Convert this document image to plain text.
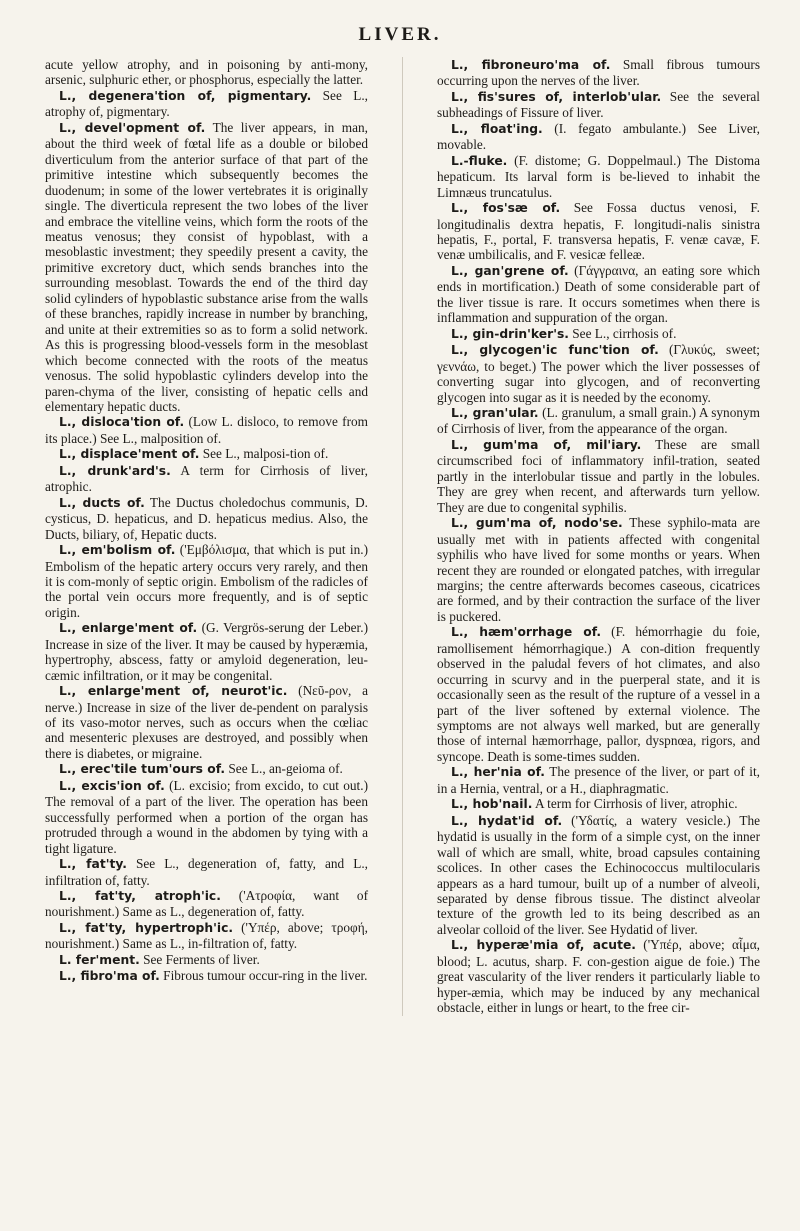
LIVER.

acute yellow atrophy, and in poisoning by anti-mony, arsenic, sulphuric ether, or phosphorus, especially the latter.

L., degenera'tion of, pigmentary. See L., atrophy of, pigmentary.

L., devel'opment of. The liver appears, in man, about the third week of fœtal life as a double or bilobed diverticulum from the anterior surface of that part of the primitive intestine which subsequently becomes the duodenum; in some of the lower vertebrates it is originally single. The diverticula represent the two lobes of the liver and embrace the vitelline veins, which form the roots of the meatus venosus; they consist of hypoblast, with a mesoblastic investment; they speedily present a cavity, the primitive excretory duct, which sends branches into the surrounding mesoblast. Towards the end of the third day solid cylinders of hypoblastic substance arise from the walls of these branches, rapidly increase in number by branching, and unite at their extremities so as to form a solid network. As this is progressing blood-vessels form in the mesoblast which become connected with the roots of the meatus venosus. The solid hypoblastic cylinders develop into the paren-chyma of the liver, consisting of hepatic cells and elementary hepatic ducts.

L., disloca'tion of. (Low L. disloco, to remove from its place.) See L., malposition of.

L., displace'ment of. See L., malposi-tion of.

L., drunk'ard's. A term for Cirrhosis of liver, atrophic.

L., ducts of. The Ductus choledochus communis, D. cysticus, D. hepaticus, and D. hepaticus medius. Also, the Ducts, biliary, of, Hepatic ducts.

L., em'bolism of. ('Εμβόλισμα, that which is put in.) Embolism of the hepatic artery occurs very rarely, and then it is com-monly of septic origin. Embolism of the radicles of the portal vein occurs more frequently, and is of septic origin.

L., enlarge'ment of. (G. Vergrös-serung der Leber.) Increase in size of the liver. It may be caused by hyperæmia, hypertrophy, abscess, fatty or amyloid degeneration, leu-cæmic infiltration, or it may be congenital.

L., enlarge'ment of, neurot'ic. (Νεῦ-ρον, a nerve.) Increase in size of the liver de-pendent on paralysis of its vaso-motor nerves, such as occurs when the cœliac and mesenteric plexuses are destroyed, and possibly when there is diabetes, or migraine.

L., erec'tile tum'ours of. See L., an-geioma of.

L., excis'ion of. (L. excisio; from excido, to cut out.) The removal of a part of the liver. The operation has been successfully performed when a portion of the organ has protruded through a wound in the abdomen by tying with a tight ligature.

L., fat'ty. See L., degeneration of, fatty, and L., infiltration of, fatty.

L., fat'ty, atroph'ic. ('Ατροφία, want of nourishment.) Same as L., degeneration of, fatty.

L., fat'ty, hypertroph'ic. ('Υπέρ, above; τροφή, nourishment.) Same as L., in-filtration of, fatty.

L. fer'ment. See Ferments of liver.

L., fibro'ma of. Fibrous tumour occur-ring in the liver.

L., fibroneuro'ma of. Small fibrous tumours occurring upon the nerves of the liver.

L., fis'sures of, interlob'ular. See the several subheadings of Fissure of liver.

L., float'ing. (I. fegato ambulante.) See Liver, movable.

L.-fluke. (F. distome; G. Doppelmaul.) The Distoma hepaticum. Its larval form is be-lieved to inhabit the Limnæus truncatulus.

L., fos'sæ of. See Fossa ductus venosi, F. longitudinalis dextra hepatis, F. longitudi-nalis sinistra hepatis, F., portal, F. transversa hepatis, F. venæ cavæ, F. venæ umbilicalis, and F. vesicæ felleæ.

L., gan'grene of. (Γάγγραινα, an eating sore which ends in mortification.) Death of some considerable part of the liver tissue is rare. It occurs sometimes when there is inflammation and suppuration of the organ.

L., gin-drin'ker's. See L., cirrhosis of.

L., glycogen'ic func'tion of. (Γλυκύς, sweet; γεννάω, to beget.) The power which the liver possesses of converting sugar into glycogen, and of reconverting glycogen into sugar as it is needed by the economy.

L., gran'ular. (L. granulum, a small grain.) A synonym of Cirrhosis of liver, from the appearance of the organ.

L., gum'ma of, mil'iary. These are small circumscribed foci of inflammatory infil-tration, seated partly in the interlobular tissue and partly in the lobules. They are grey when recent, and afterwards turn yellow. They are due to congenital syphilis.

L., gum'ma of, nodo'se. These syphilo-mata are usually met with in patients affected with congenital syphilis who have lived for some months or years. When recent they are rounded or elongated patches, with irregular margins; the centre afterwards becomes caseous, cicatrices are formed, and by their contraction the surface of the liver is puckered.

L., hæm'orrhage of. (F. hémorrhagie du foie, ramollisement hémorrhagique.) A con-dition frequently observed in the paludal fevers of hot climates, and also occurring in scurvy and in the puerperal state, and it is occasionally seen as the result of the rupture of a vessel in a part of the liver softened by external violence. The symptoms are not always well marked, but are generally those of internal hæmorrhage, pallor, dyspnœa, rigors, and syncope. Death is some-times sudden.

L., her'nia of. The presence of the liver, or part of it, in a Hernia, ventral, or a H., diaphragmatic.

L., hob'nail. A term for Cirrhosis of liver, atrophic.

L., hydat'id of. ('Υδατίς, a watery vesicle.) The hydatid is usually in the form of a simple cyst, on the inner wall of which are small, white, broad capsules containing scolices. In other cases the Echinococcus multilocularis appears as a hard tumour, built up of a number of alveoli, separated by dense fibrous tissue. The distinct alveolar texture of the growth led to its being described as an alveolar colloid of the liver. See Hydatid of liver.

L., hyperæ'mia of, acute. ('Υπέρ, above; αἷμα, blood; L. acutus, sharp. F. con-gestion aigue de foie.) The great vascularity of the liver renders it particularly liable to hyper-æmia, which may be induced by any mechanical obstacle, either in lungs or heart, to the free cir-
